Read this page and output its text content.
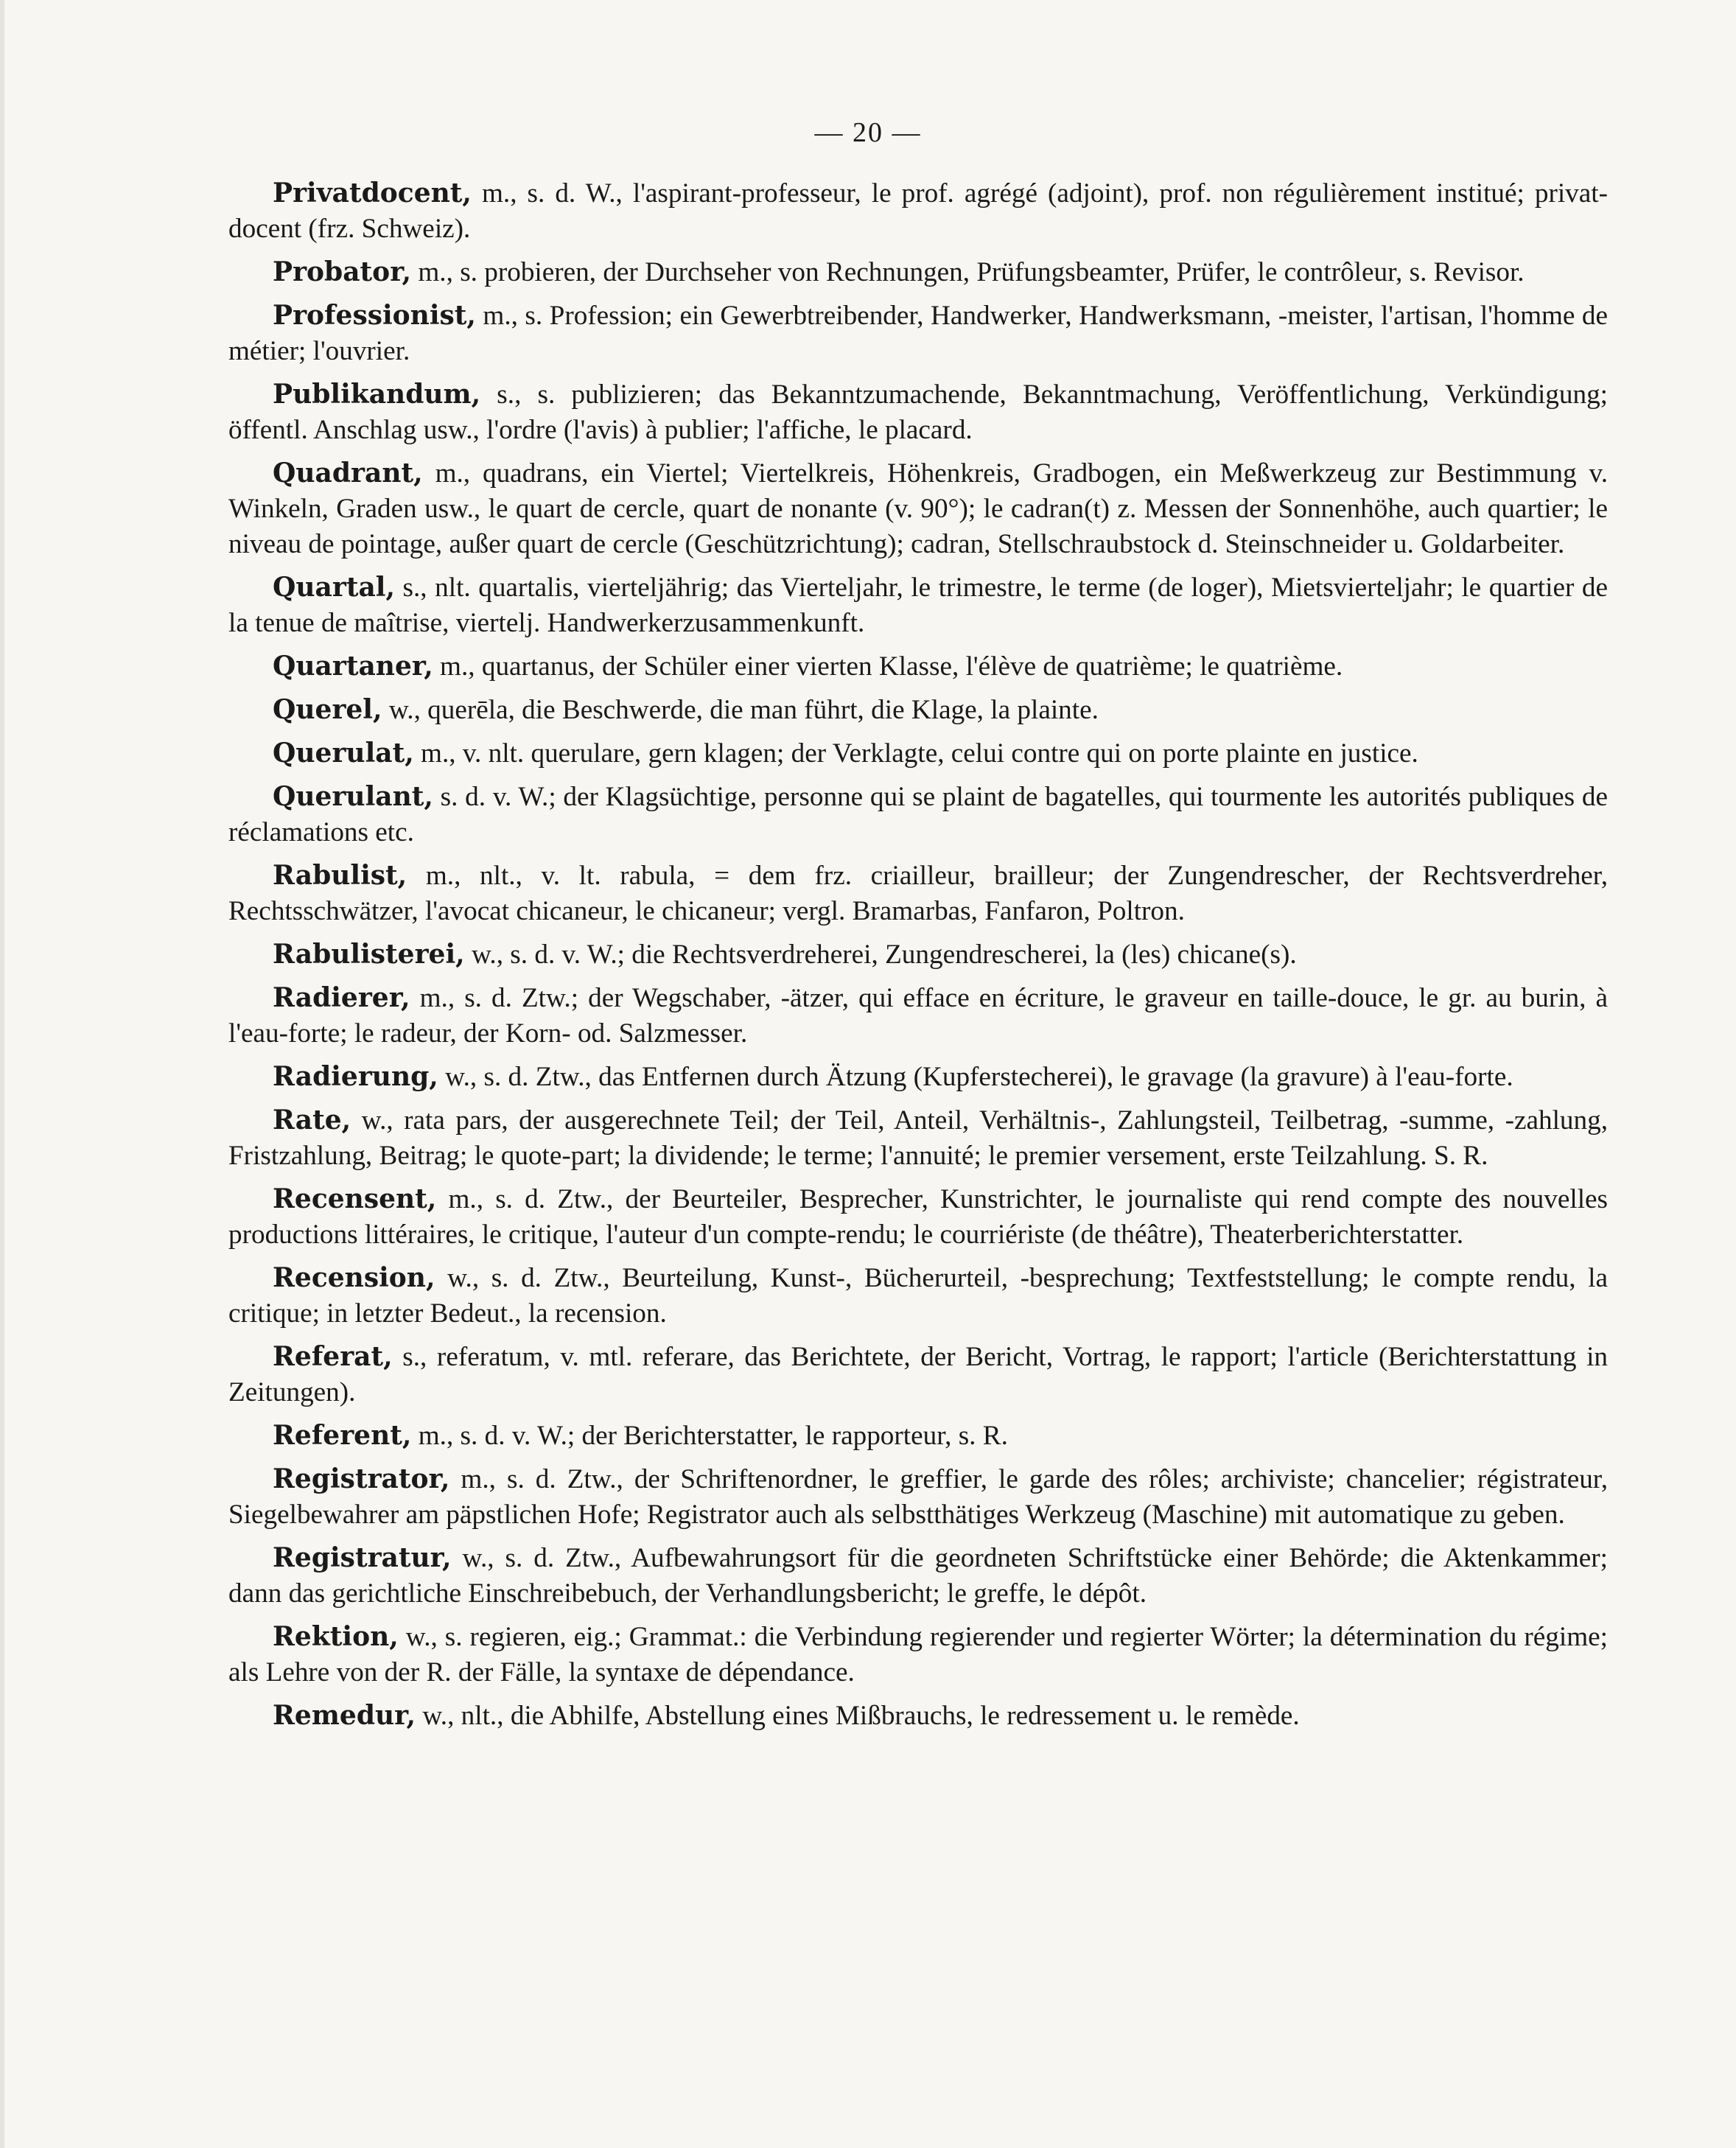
— 20 —

Privatdocent, m., s. d. W., l'aspirant-professeur, le prof. agrégé (adjoint), prof. non régulièrement institué; privat-docent (frz. Schweiz).

Probator, m., s. probieren, der Durchseher von Rechnungen, Prüfungsbeamter, Prüfer, le contrôleur, s. Revisor.

Professionist, m., s. Profession; ein Gewerbtreibender, Handwerker, Handwerksmann, -meister, l'artisan, l'homme de métier; l'ouvrier.

Publikandum, s., s. publizieren; das Bekanntzumachende, Bekanntmachung, Veröffentlichung, Verkündigung; öffentl. Anschlag usw., l'ordre (l'avis) à publier; l'affiche, le placard.

Quadrant, m., quadrans, ein Viertel; Viertelkreis, Höhenkreis, Gradbogen, ein Meßwerkzeug zur Bestimmung v. Winkeln, Graden usw., le quart de cercle, quart de nonante (v. 90°); le cadran(t) z. Messen der Sonnenhöhe, auch quartier; le niveau de pointage, außer quart de cercle (Geschützrichtung); cadran, Stellschraubstock d. Steinschneider u. Goldarbeiter.

Quartal, s., nlt. quartalis, vierteljährig; das Vierteljahr, le trimestre, le terme (de loger), Mietsvierteljahr; le quartier de la tenue de maîtrise, viertelj. Handwerkerzusammenkunft.

Quartaner, m., quartanus, der Schüler einer vierten Klasse, l'élève de quatrième; le quatrième.

Querel, w., querēla, die Beschwerde, die man führt, die Klage, la plainte.

Querulat, m., v. nlt. querulare, gern klagen; der Verklagte, celui contre qui on porte plainte en justice.

Querulant, s. d. v. W.; der Klagsüchtige, personne qui se plaint de bagatelles, qui tourmente les autorités publiques de réclamations etc.

Rabulist, m., nlt., v. lt. rabula, = dem frz. criailleur, brailleur; der Zungendrescher, der Rechtsverdreher, Rechtsschwätzer, l'avocat chicaneur, le chicaneur; vergl. Bramarbas, Fanfaron, Poltron.

Rabulisterei, w., s. d. v. W.; die Rechtsverdreherei, Zungendrescherei, la (les) chicane(s).

Radierer, m., s. d. Ztw.; der Wegschaber, -ätzer, qui efface en écriture, le graveur en taille-douce, le gr. au burin, à l'eau-forte; le radeur, der Korn- od. Salzmesser.

Radierung, w., s. d. Ztw., das Entfernen durch Ätzung (Kupferstecherei), le gravage (la gravure) à l'eau-forte.

Rate, w., rata pars, der ausgerechnete Teil; der Teil, Anteil, Verhältnis-, Zahlungsteil, Teilbetrag, -summe, -zahlung, Fristzahlung, Beitrag; le quote-part; la dividende; le terme; l'annuité; le premier versement, erste Teilzahlung. S. R.

Recensent, m., s. d. Ztw., der Beurteiler, Besprecher, Kunstrichter, le journaliste qui rend compte des nouvelles productions littéraires, le critique, l'auteur d'un compte-rendu; le courriériste (de théâtre), Theaterberichterstatter.

Recension, w., s. d. Ztw., Beurteilung, Kunst-, Bücherurteil, -besprechung; Textfeststellung; le compte rendu, la critique; in letzter Bedeut., la recension.

Referat, s., referatum, v. mtl. referare, das Berichtete, der Bericht, Vortrag, le rapport; l'article (Berichterstattung in Zeitungen).

Referent, m., s. d. v. W.; der Berichterstatter, le rapporteur, s. R.

Registrator, m., s. d. Ztw., der Schriftenordner, le greffier, le garde des rôles; archiviste; chancelier; régistrateur, Siegelbewahrer am päpstlichen Hofe; Registrator auch als selbstthätiges Werkzeug (Maschine) mit automatique zu geben.

Registratur, w., s. d. Ztw., Aufbewahrungsort für die geordneten Schriftstücke einer Behörde; die Aktenkammer; dann das gerichtliche Einschreibebuch, der Verhandlungsbericht; le greffe, le dépôt.

Rektion, w., s. regieren, eig.; Grammat.: die Verbindung regierender und regierter Wörter; la détermination du régime; als Lehre von der R. der Fälle, la syntaxe de dépendance.

Remedur, w., nlt., die Abhilfe, Abstellung eines Mißbrauchs, le redressement u. le remède.
